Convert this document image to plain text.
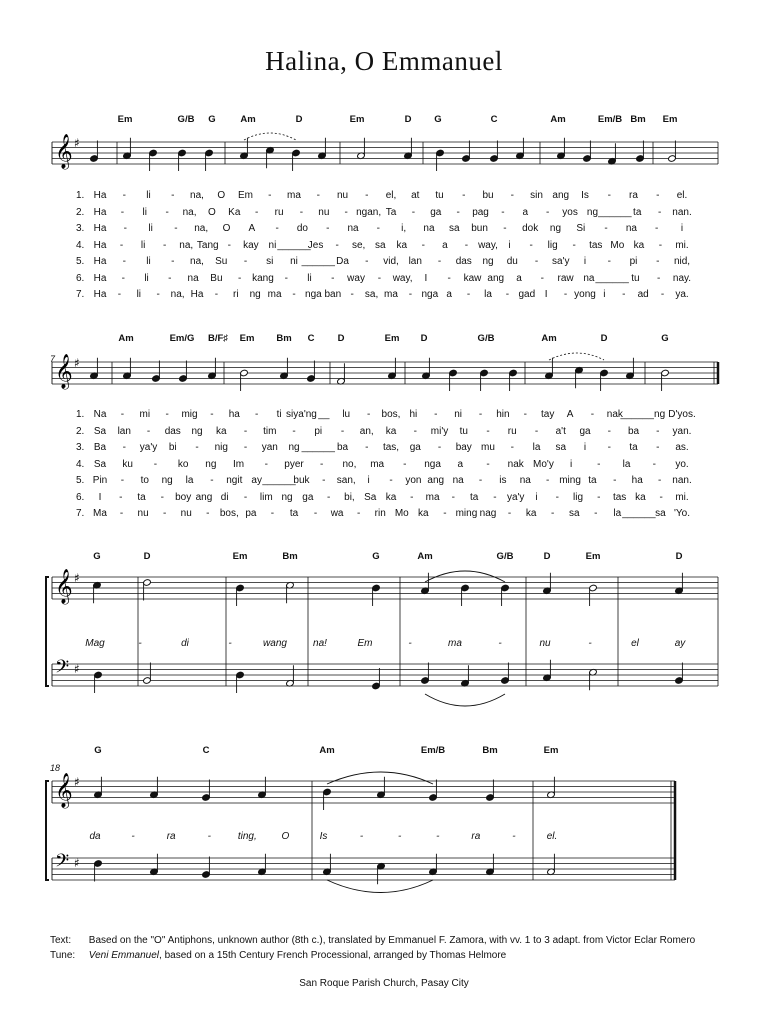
Halina, O Emmanuel
𝄞 ♯
𝄞 ♯
𝄞 ♯
𝄢 ♯
𝄞 ♯
𝄢 ♯
Em	G/B G	Am	D	Em	D G	C	Am	Em/B Bm Em
1. Ha - li - na, O Em - ma - nu - el, at tu - bu - sin ang Is - ra - el.
2. Ha - li - na, O Ka - ru - nu - ngan, Ta - ga - pag - a - yos ng ______ ta - nan.
3. Ha - li - na, O A - do - na - i, na sa bun - dok ng Si - na - i
4. Ha - li - na, Tang - kay ni ______
Jes - se, sa ka - a - way, i - lig - tas Mo ka - mi.
5. Ha - li - na, Su - si ni ______ Da - vid, lan - das ng du - sa'y i - pi - nid,
6. Ha - li - na Bu - kang - li - way - way, I - kaw ang a - raw na ______ tu - nay.
7. Ha - li - na, Ha - ri ng ma - nga ban - sa, ma - nga a - la - gad I - yong i - ad - ya.
Am	Em/G B/F♯ Em Bm C D	Em D	G/B	Am	D	G
1. Na - mi - mig - ha - ti siya'ng __ lu - bos, hi - ni - hin - tay A - nak
______ ng D'yos.
2. Sa lan - das ng ka - tim - pi - an, ka - mi'y tu - ru - a't ga - ba - yan.
3. Ba - ya'y bi - nig - yan ng ______ ba - tas, ga - bay mu - la sa i - ta - as.
4. Sa ku - ko ng Im - pyer - no, ma - nga a - nak Mo'y i - la - yo.
5. Pin - to ng la - ngit ay ______
buk - san, i - yon ang na - is na - ming ta - ha - nan.
6. I - ta - boy ang di - lim ng ga - bi, Sa ka - ma - ta - ya'y i - lig - tas ka - mi.
7. Ma - nu - nu - bos, pa - ta - wa - rin Mo ka - ming nag - ka - sa - la ______ sa 'Yo.
7
G	D	Em	Bm	G	Am	G/B	D	Em	D
Mag	-	di	-	wang	na!	Em	-	ma	-	nu	-	el	ay
G	C	Am	Em/B	Bm	Em
da	-	ra	-	ting, O	Is	-	-	-	ra	-	el.
18
Text: Based on the "O" Antiphons, unknown author (8th c.), translated by Emmanuel F. Zamora, with vv. 1 to 3 adapt. from Victor Eclar Romero
Tune: Veni Emmanuel, based on a 15th Century French Processional, arranged by Thomas Helmore
San Roque Parish Church, Pasay City
